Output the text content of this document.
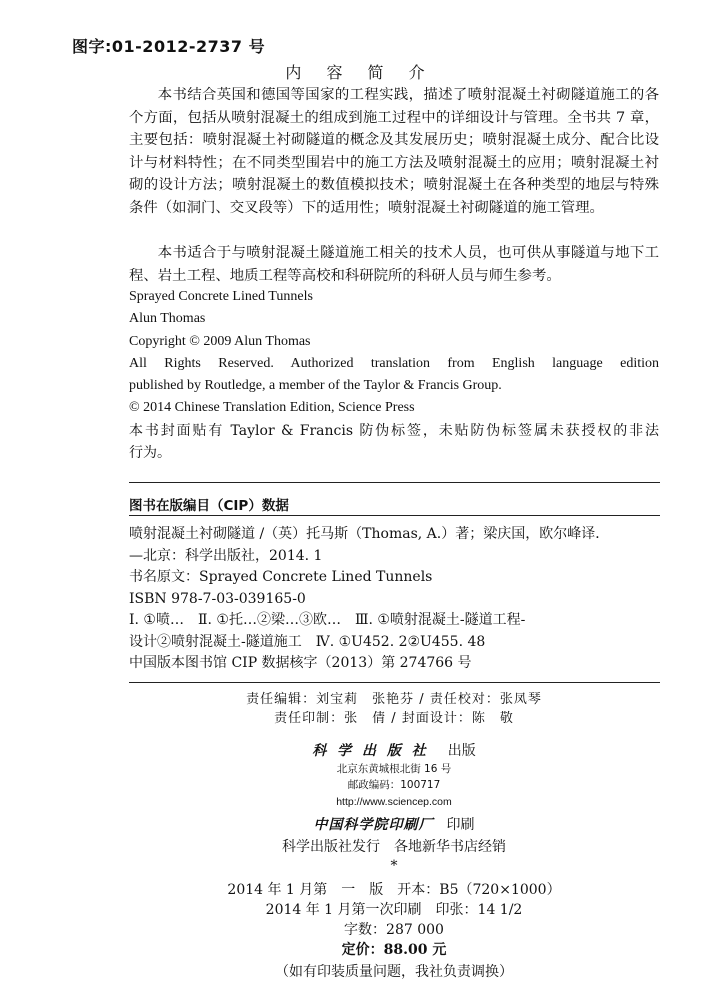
图字:01-2012-2737 号
内 容 简 介

本书结合英国和德国等国家的工程实践，描述了喷射混凝土衬砌隧道施工的各个方面，包括从喷射混凝土的组成到施工过程中的详细设计与管理。全书共 7 章，主要包括：喷射混凝土衬砌隧道的概念及其发展历史；喷射混凝土成分、配合比设计与材料特性；在不同类型围岩中的施工方法及喷射混凝土的应用；喷射混凝土衬砌的设计方法；喷射混凝土的数值模拟技术；喷射混凝土在各种类型的地层与特殊条件（如洞门、交叉段等）下的适用性；喷射混凝土衬砌隧道的施工管理。

本书适合于与喷射混凝土隧道施工相关的技术人员，也可供从事隧道与地下工程、岩土工程、地质工程等高校和科研院所的科研人员与师生参考。

Sprayed Concrete Lined Tunnels
Alun Thomas
Copyright © 2009 Alun Thomas
All Rights Reserved. Authorized translation from English language edition
published by Routledge, a member of the Taylor & Francis Group.
© 2014 Chinese Translation Edition, Science Press
本书封面贴有 Taylor & Francis 防伪标签，未贴防伪标签属未获授权的非法
行为。
图书在版编目（CIP）数据
喷射混凝土衬砌隧道 /（英）托马斯（Thomas, A.）著；梁庆国，欧尔峰译．
—北京：科学出版社，2014. 1
书名原文：Sprayed Concrete Lined Tunnels
ISBN 978-7-03-039165-0
Ⅰ. ①喷…　Ⅱ. ①托…②梁…③欧…　Ⅲ. ①喷射混凝土-隧道工程-
设计②喷射混凝土-隧道施工　Ⅳ. ①U452. 2②U455. 48
中国版本图书馆 CIP 数据核字（2013）第 274766 号
责任编辑：刘宝莉　张艳芬 / 责任校对：张凤琴
责任印制：张　倩 / 封面设计：陈　敬
科 学 出 版 社 出版
北京东黄城根北街 16 号
邮政编码：100717
http://www.sciencep.com
中国科学院印刷厂 印刷
科学出版社发行　各地新华书店经销
*
2014 年 1 月第　一　版　开本：B5（720×1000）
2014 年 1 月第一次印刷　印张：14 1/2
字数：287 000
定价：88.00 元
（如有印装质量问题，我社负责调换）
